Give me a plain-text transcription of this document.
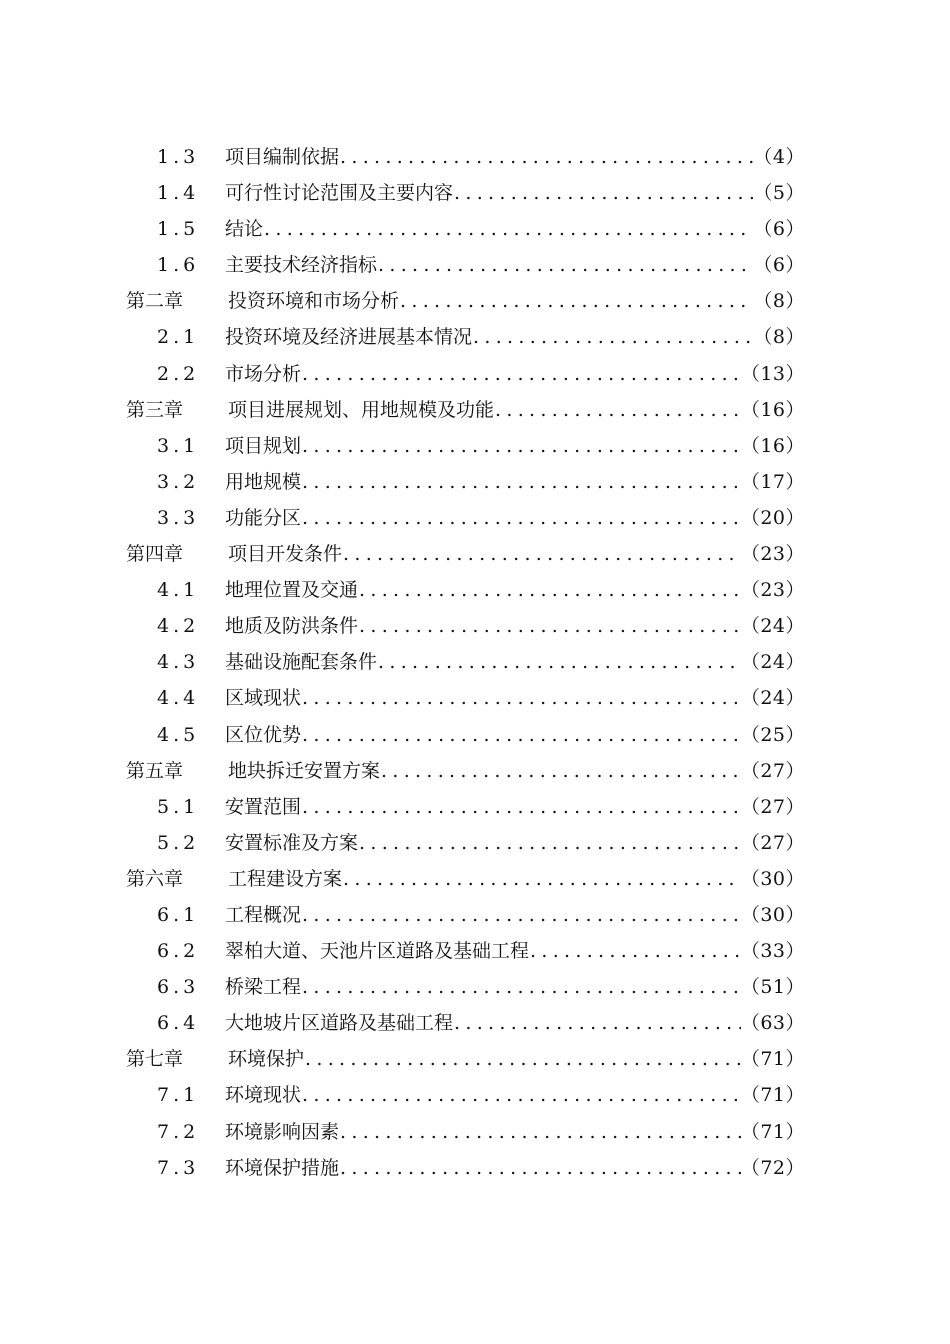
1.3 项目编制依据 .....	（4）
1.4 可行性讨论范围及主要内容 .....	（5）
1.5 结论 .....	（6）
1.6 主要技术经济指标 .....	（6）
第二章 投资环境和市场分析 .....	（8）
2.1 投资环境及经济进展基本情况 .....	（8）
2.2 市场分析 .....	（13）
第三章 项目进展规划、用地规模及功能 .....	（16）
3.1 项目规划 .....	（16）
3.2 用地规模 .....	（17）
3.3 功能分区 .....	（20）
第四章 项目开发条件 .....	（23）
4.1 地理位置及交通 .....	（23）
4.2 地质及防洪条件 .....	（24）
4.3 基础设施配套条件 .....	（24）
4.4 区域现状 .....	（24）
4.5 区位优势 .....	（25）
第五章 地块拆迁安置方案 .....	（27）
5.1 安置范围 .....	（27）
5.2 安置标准及方案 .....	（27）
第六章 工程建设方案 .....	（30）
6.1 工程概况 .....	（30）
6.2 翠柏大道、天池片区道路及基础工程 .....	（33）
6.3 桥梁工程 .....	（51）
6.4 大地坡片区道路及基础工程 .....	（63）
第七章 环境保护 .....	（71）
7.1 环境现状 .....	（71）
7.2 环境影响因素 .....	（71）
7.3 环境保护措施 .....	（72）
